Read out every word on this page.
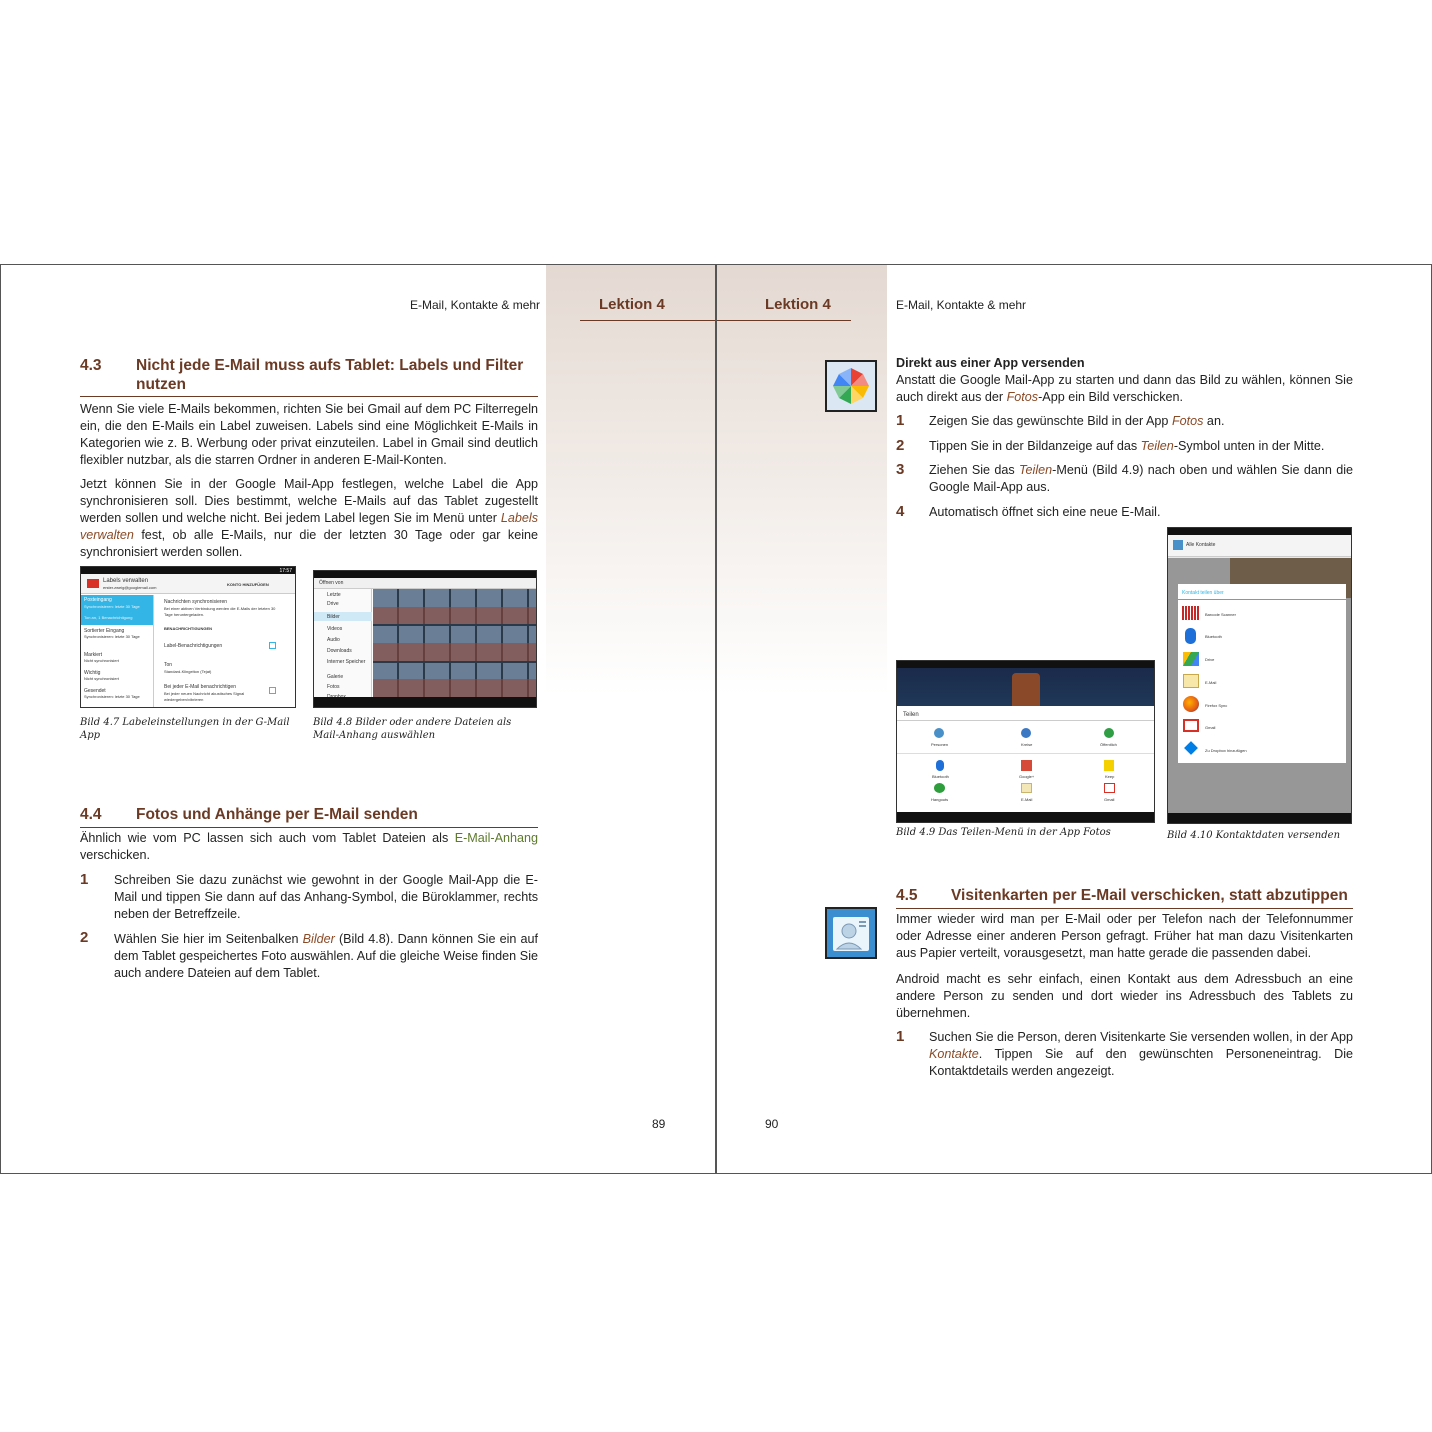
E-Mail, Kontakte & mehr	Lektion 4
4.3 Nicht jede E-Mail muss aufs Tablet: Labels und Filter
nutzen
Wenn Sie viele E-Mails bekommen, richten Sie bei Gmail auf dem PC Filterregeln ein, die den E-Mails ein Label zuweisen. Labels sind eine Möglichkeit E-Mails in Kategorien wie z. B. Werbung oder privat einzuteilen. Label in Gmail sind deutlich flexibler nutzbar, als die starren Ordner in anderen E-Mail-Konten.
Jetzt können Sie in der Google Mail-App festlegen, welche Label die App synchronisieren soll. Dies bestimmt, welche E-Mails auf das Tablet zugestellt werden sollen und welche nicht. Bei jedem Label legen Sie im Menü unter Labels verwalten fest, ob alle E-Mails, nur die der letzten 30 Tage oder gar keine synchronisiert werden sollen.
17:57
Labels verwalten
erster.zweig@googlemail.com
KONTO HINZUFÜGEN
Posteingang
Synchronisieren: letzte 30 Tage
Ton an, 1 Benachrichtigung
Sortierter Eingang
Synchronisieren: letzte 30 Tage
Markiert
Nicht synchronisiert
Wichtig
Nicht synchronisiert
Gesendet
Synchronisieren: letzte 30 Tage
Nachrichten synchronisieren
Bei einer aktiven Verbindung werden die E-Mails der letzten 30 Tage heruntergeladen.
BENACHRICHTIGUNGEN
Label-Benachrichtigungen
Ton
Standard-Klingelton (Tejat)
Bei jeder E-Mail benachrichtigen
Bei jeder neuen Nachricht akustisches Signal wiedergeben/vibrieren
Öffnen von
Letzte
Drive
Bilder
Videos
Audio
Downloads
Interner Speicher
Galerie
Fotos
Bild 4.7 Labeleinstellungen in der G-Mail App
Bild 4.8 Bilder oder andere Dateien als Mail-Anhang auswählen
4.4 Fotos und Anhänge per E-Mail senden
Ähnlich wie vom PC lassen sich auch vom Tablet Dateien als E-Mail-Anhang verschicken.
1 Schreiben Sie dazu zunächst wie gewohnt in der Google Mail-App die E-Mail und tippen Sie dann auf das Anhang-Symbol, die Büroklammer, rechts neben der Betreffzeile.
2 Wählen Sie hier im Seitenbalken Bilder (Bild 4.8). Dann können Sie ein auf dem Tablet gespeichertes Foto auswählen. Auf die gleiche Weise finden Sie auch andere Dateien auf dem Tablet.
89
Lektion 4	E-Mail, Kontakte & mehr
Direkt aus einer App versenden
Anstatt die Google Mail-App zu starten und dann das Bild zu wählen, können Sie auch direkt aus der Fotos-App ein Bild verschicken.
1 Zeigen Sie das gewünschte Bild in der App Fotos an.
2 Tippen Sie in der Bildanzeige auf das Teilen-Symbol unten in der Mitte.
3 Ziehen Sie das Teilen-Menü (Bild 4.9) nach oben und wählen Sie dann die Google Mail-App aus.
4 Automatisch öffnet sich eine neue E-Mail.
Teilen
Personen	Kreise	Öffentlich
Bluetooth	Google+	Keep
Hangouts	E-Mail	Gmail
Alle Kontakte
Kontakt teilen über
Barcode Scanner
Bluetooth
Drive
E-Mail
Firefox Sync
Gmail
Zu Dropbox hinzufügen
Bild 4.9 Das Teilen-Menü in der App Fotos	Bild 4.10 Kontaktdaten versenden
4.5 Visitenkarten per E-Mail verschicken, statt abzutippen
Immer wieder wird man per E-Mail oder per Telefon nach der Telefonnummer oder Adresse einer anderen Person gefragt. Früher hat man dazu Visitenkarten aus Papier verteilt, vorausgesetzt, man hatte gerade die passenden dabei.
Android macht es sehr einfach, einen Kontakt aus dem Adressbuch an eine andere Person zu senden und dort wieder ins Adressbuch des Tablets zu übernehmen.
1 Suchen Sie die Person, deren Visitenkarte Sie versenden wollen, in der App Kontakte. Tippen Sie auf den gewünschten Personeneintrag. Die Kontaktdetails werden angezeigt.
90
